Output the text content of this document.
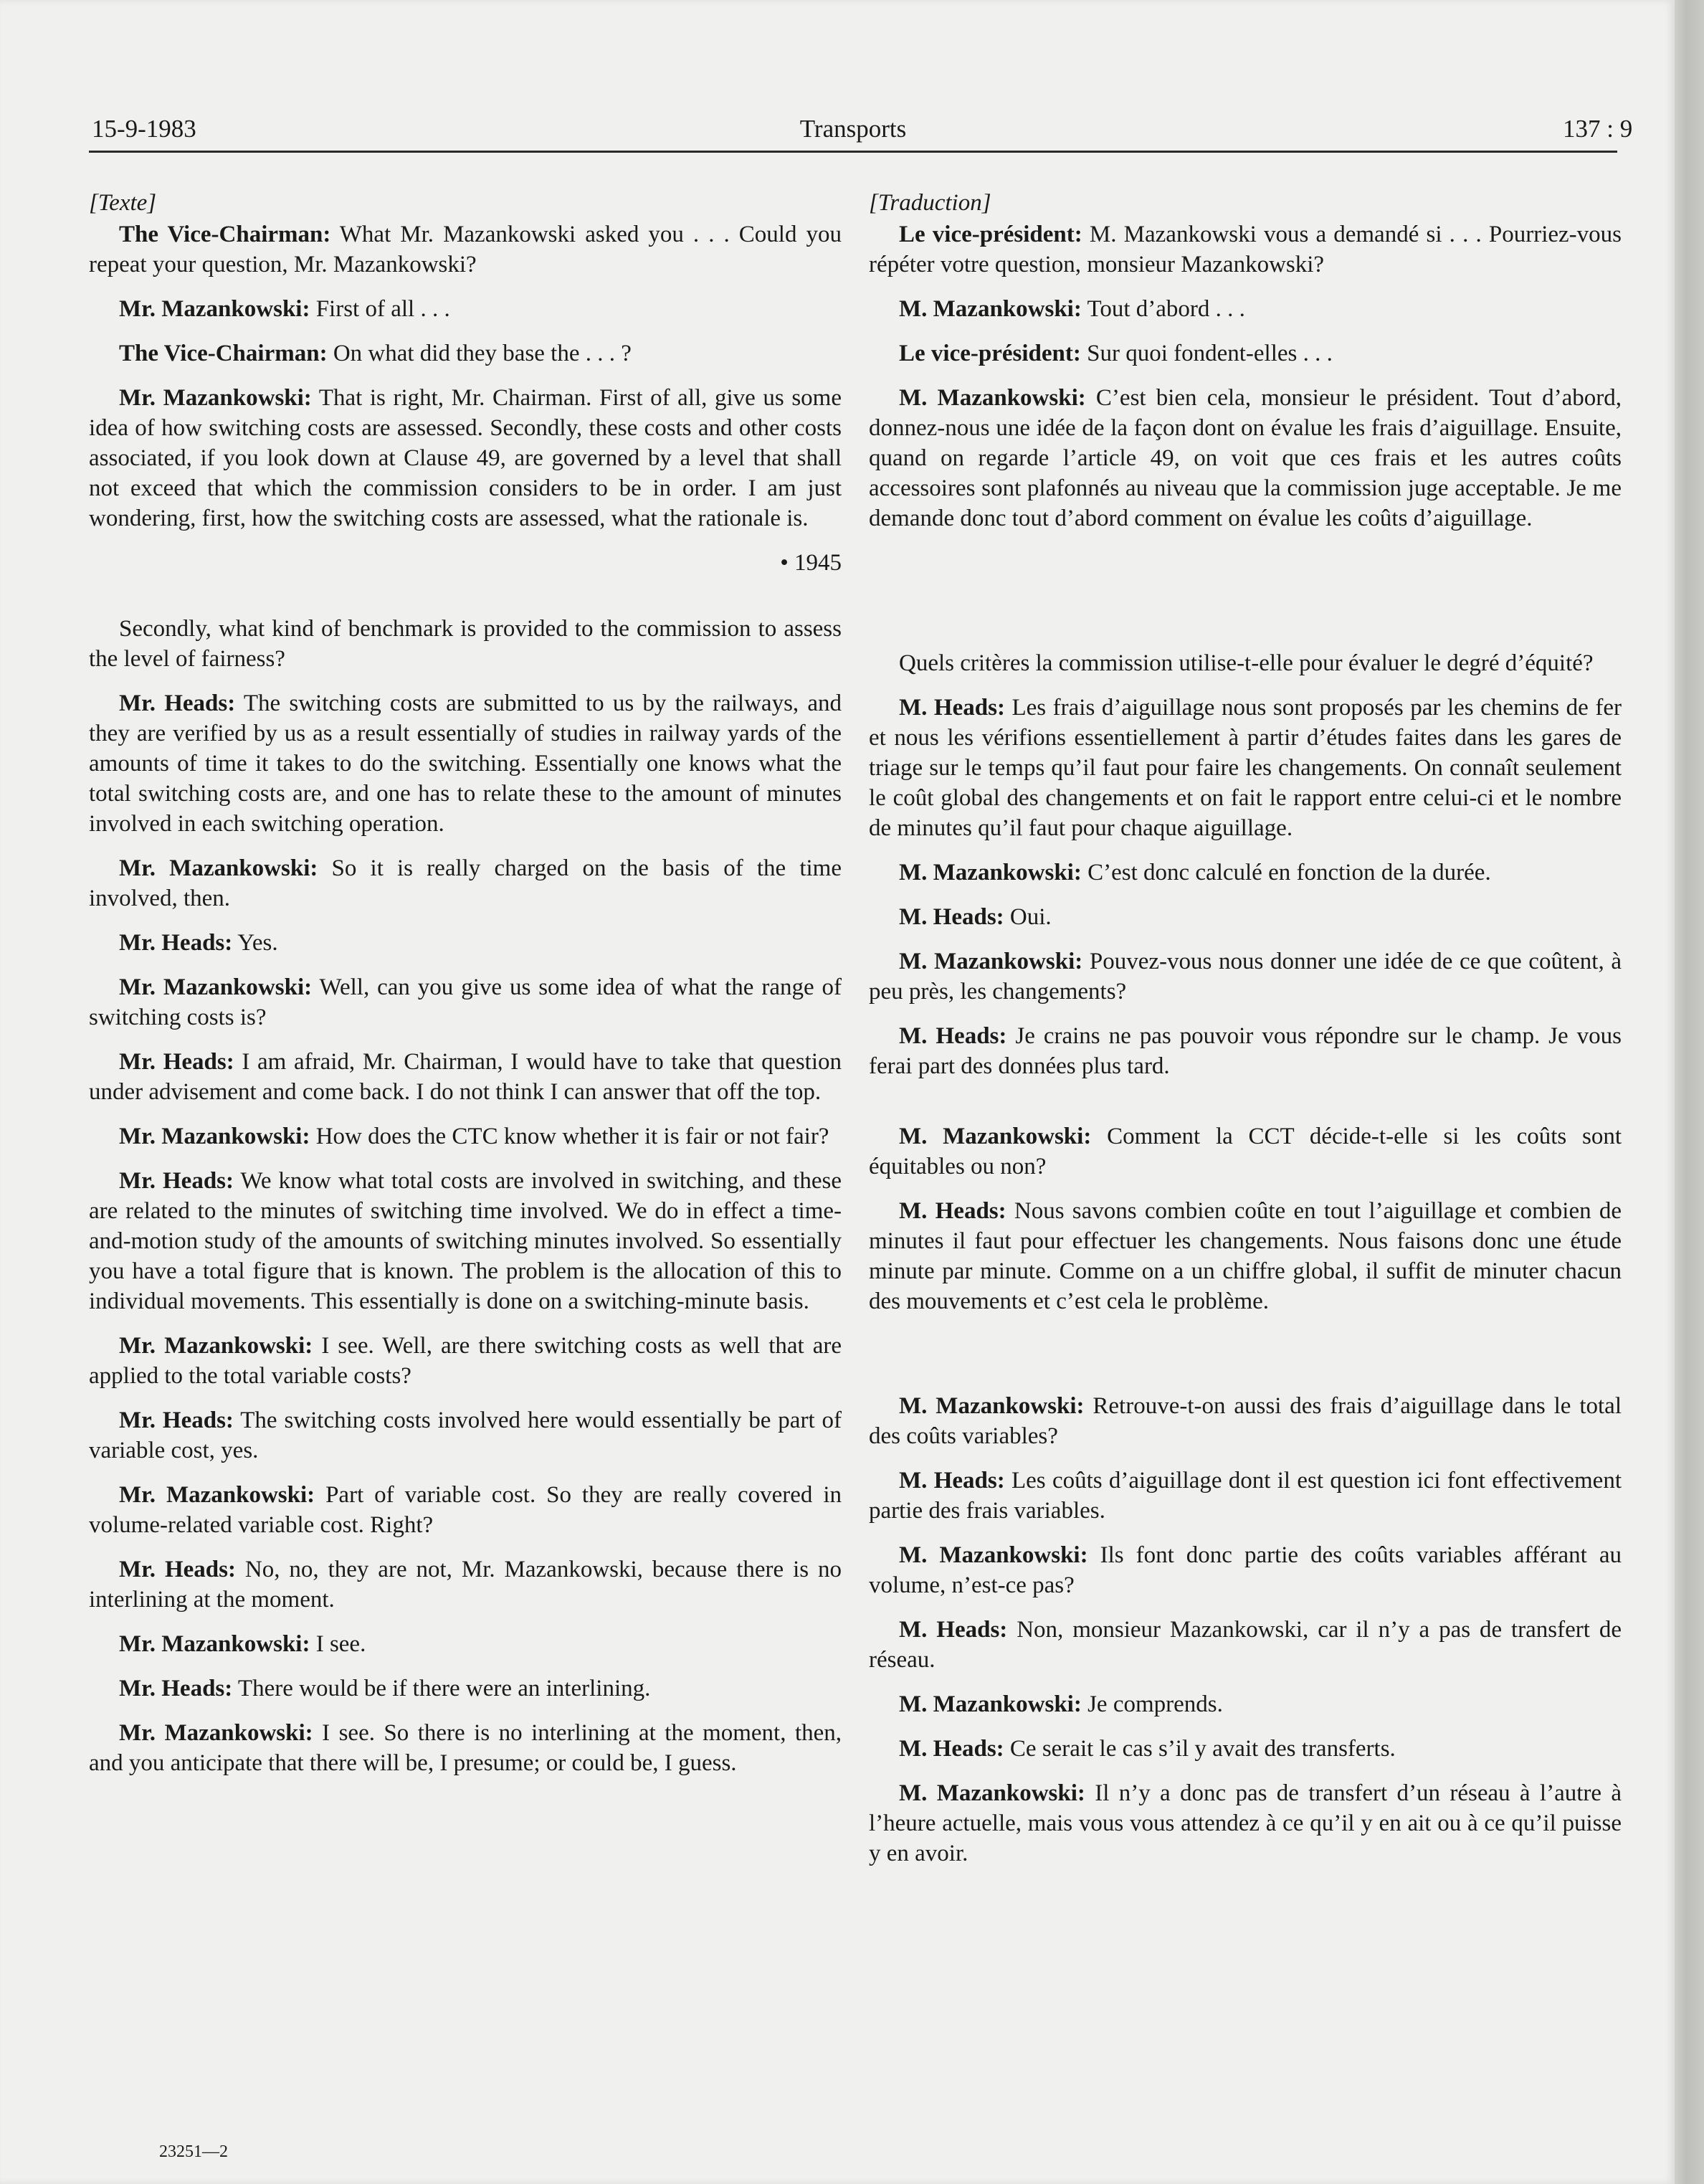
15-9-1983	Transports	137 : 9

[Texte]

The Vice-Chairman: What Mr. Mazankowski asked you . . . Could you repeat your question, Mr. Mazankowski?

Mr. Mazankowski: First of all . . .

The Vice-Chairman: On what did they base the . . . ?

Mr. Mazankowski: That is right, Mr. Chairman. First of all, give us some idea of how switching costs are assessed. Secondly, these costs and other costs associated, if you look down at Clause 49, are governed by a level that shall not exceed that which the commission considers to be in order. I am just wondering, first, how the switching costs are assessed, what the rationale is.

• 1945

Secondly, what kind of benchmark is provided to the commission to assess the level of fairness?

Mr. Heads: The switching costs are submitted to us by the railways, and they are verified by us as a result essentially of studies in railway yards of the amounts of time it takes to do the switching. Essentially one knows what the total switching costs are, and one has to relate these to the amount of minutes involved in each switching operation.

Mr. Mazankowski: So it is really charged on the basis of the time involved, then.

Mr. Heads: Yes.

Mr. Mazankowski: Well, can you give us some idea of what the range of switching costs is?

Mr. Heads: I am afraid, Mr. Chairman, I would have to take that question under advisement and come back. I do not think I can answer that off the top.

Mr. Mazankowski: How does the CTC know whether it is fair or not fair?

Mr. Heads: We know what total costs are involved in switching, and these are related to the minutes of switching time involved. We do in effect a time-and-motion study of the amounts of switching minutes involved. So essentially you have a total figure that is known. The problem is the allocation of this to individual movements. This essentially is done on a switching-minute basis.

Mr. Mazankowski: I see. Well, are there switching costs as well that are applied to the total variable costs?

Mr. Heads: The switching costs involved here would essentially be part of variable cost, yes.

Mr. Mazankowski: Part of variable cost. So they are really covered in volume-related variable cost. Right?

Mr. Heads: No, no, they are not, Mr. Mazankowski, because there is no interlining at the moment.

Mr. Mazankowski: I see.

Mr. Heads: There would be if there were an interlining.

Mr. Mazankowski: I see. So there is no interlining at the moment, then, and you anticipate that there will be, I presume; or could be, I guess.

[Traduction]

Le vice-président: M. Mazankowski vous a demandé si . . . Pourriez-vous répéter votre question, monsieur Mazankowski?

M. Mazankowski: Tout d’abord . . .

Le vice-président: Sur quoi fondent-elles . . .

M. Mazankowski: C’est bien cela, monsieur le président. Tout d’abord, donnez-nous une idée de la façon dont on évalue les frais d’aiguillage. Ensuite, quand on regarde l’article 49, on voit que ces frais et les autres coûts accessoires sont plafonnés au niveau que la commission juge acceptable. Je me demande donc tout d’abord comment on évalue les coûts d’aiguillage.

Quels critères la commission utilise-t-elle pour évaluer le degré d’équité?

M. Heads: Les frais d’aiguillage nous sont proposés par les chemins de fer et nous les vérifions essentiellement à partir d’études faites dans les gares de triage sur le temps qu’il faut pour faire les changements. On connaît seulement le coût global des changements et on fait le rapport entre celui-ci et le nombre de minutes qu’il faut pour chaque aiguillage.

M. Mazankowski: C’est donc calculé en fonction de la durée.

M. Heads: Oui.

M. Mazankowski: Pouvez-vous nous donner une idée de ce que coûtent, à peu près, les changements?

M. Heads: Je crains ne pas pouvoir vous répondre sur le champ. Je vous ferai part des données plus tard.

M. Mazankowski: Comment la CCT décide-t-elle si les coûts sont équitables ou non?

M. Heads: Nous savons combien coûte en tout l’aiguillage et combien de minutes il faut pour effectuer les changements. Nous faisons donc une étude minute par minute. Comme on a un chiffre global, il suffit de minuter chacun des mouvements et c’est cela le problème.

M. Mazankowski: Retrouve-t-on aussi des frais d’aiguillage dans le total des coûts variables?

M. Heads: Les coûts d’aiguillage dont il est question ici font effectivement partie des frais variables.

M. Mazankowski: Ils font donc partie des coûts variables afférant au volume, n’est-ce pas?

M. Heads: Non, monsieur Mazankowski, car il n’y a pas de transfert de réseau.

M. Mazankowski: Je comprends.

M. Heads: Ce serait le cas s’il y avait des transferts.

M. Mazankowski: Il n’y a donc pas de transfert d’un réseau à l’autre à l’heure actuelle, mais vous vous attendez à ce qu’il y en ait ou à ce qu’il puisse y en avoir.

23251—2
